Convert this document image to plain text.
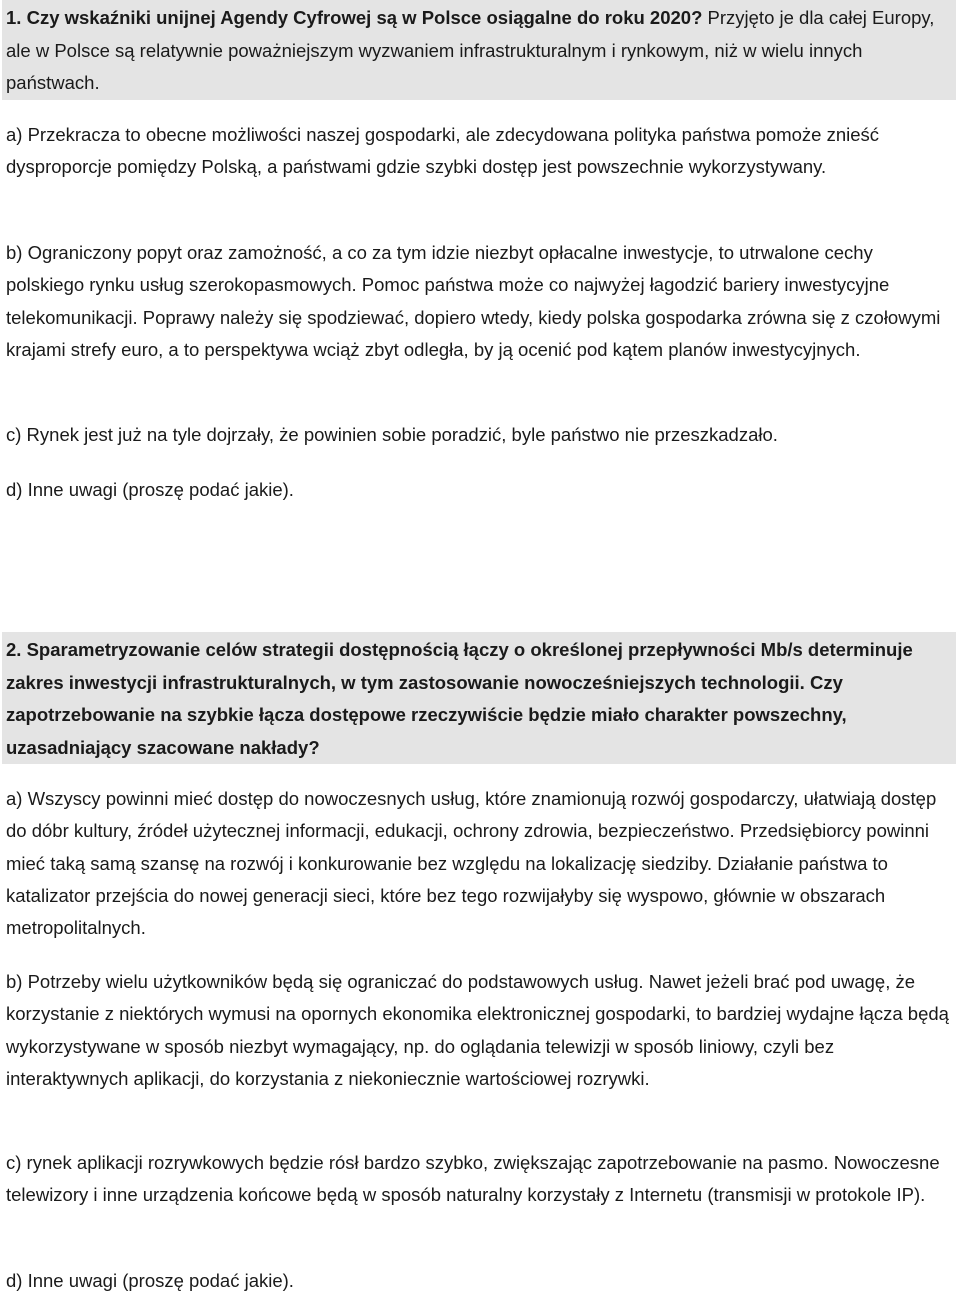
1. Czy wskaźniki unijnej Agendy Cyfrowej są w Polsce osiągalne do roku 2020? Przyjęto je dla całej Europy, ale w Polsce są relatywnie poważniejszym wyzwaniem infrastrukturalnym i rynkowym, niż w wielu innych państwach.

a) Przekracza to obecne możliwości naszej gospodarki, ale zdecydowana polityka państwa pomoże znieść dysproporcje pomiędzy Polską, a państwami gdzie szybki dostęp jest powszechnie wykorzystywany.

b) Ograniczony popyt oraz zamożność, a co za tym idzie niezbyt opłacalne inwestycje, to utrwalone cechy polskiego rynku usług szerokopasmowych. Pomoc państwa może co najwyżej łagodzić bariery inwestycyjne telekomunikacji. Poprawy należy się spodziewać, dopiero wtedy, kiedy polska gospodarka zrówna się z czołowymi krajami strefy euro, a to perspektywa wciąż zbyt odległa, by ją ocenić pod kątem planów inwestycyjnych.

c) Rynek jest już na tyle dojrzały, że powinien sobie poradzić, byle państwo nie przeszkadzało.

d) Inne uwagi (proszę podać jakie).

2. Sparametryzowanie celów strategii dostępnością łączy o określonej przepływności Mb/s determinuje zakres inwestycji infrastrukturalnych, w tym zastosowanie nowocześniejszych technologii. Czy zapotrzebowanie na szybkie łącza dostępowe rzeczywiście będzie miało charakter powszechny, uzasadniający szacowane nakłady?

a) Wszyscy powinni mieć dostęp do nowoczesnych usług, które znamionują rozwój gospodarczy, ułatwiają dostęp do dóbr kultury, źródeł użytecznej informacji, edukacji, ochrony zdrowia, bezpieczeństwo. Przedsiębiorcy powinni mieć taką samą szansę na rozwój i konkurowanie bez względu na lokalizację siedziby. Działanie państwa to katalizator przejścia do nowej generacji sieci, które bez tego rozwijałyby się wyspowo, głównie w obszarach metropolitalnych.

b) Potrzeby wielu użytkowników będą się ograniczać do podstawowych usług. Nawet jeżeli brać pod uwagę, że korzystanie z niektórych wymusi na opornych ekonomika elektronicznej gospodarki, to bardziej wydajne łącza będą wykorzystywane w sposób niezbyt wymagający, np. do oglądania telewizji w sposób liniowy, czyli bez interaktywnych aplikacji, do korzystania z niekoniecznie wartościowej rozrywki.

c) rynek aplikacji rozrywkowych będzie rósł bardzo szybko, zwiększając zapotrzebowanie na pasmo. Nowoczesne telewizory i inne urządzenia końcowe będą w sposób naturalny korzystały z Internetu (transmisji w protokole IP).

d) Inne uwagi (proszę podać jakie).
